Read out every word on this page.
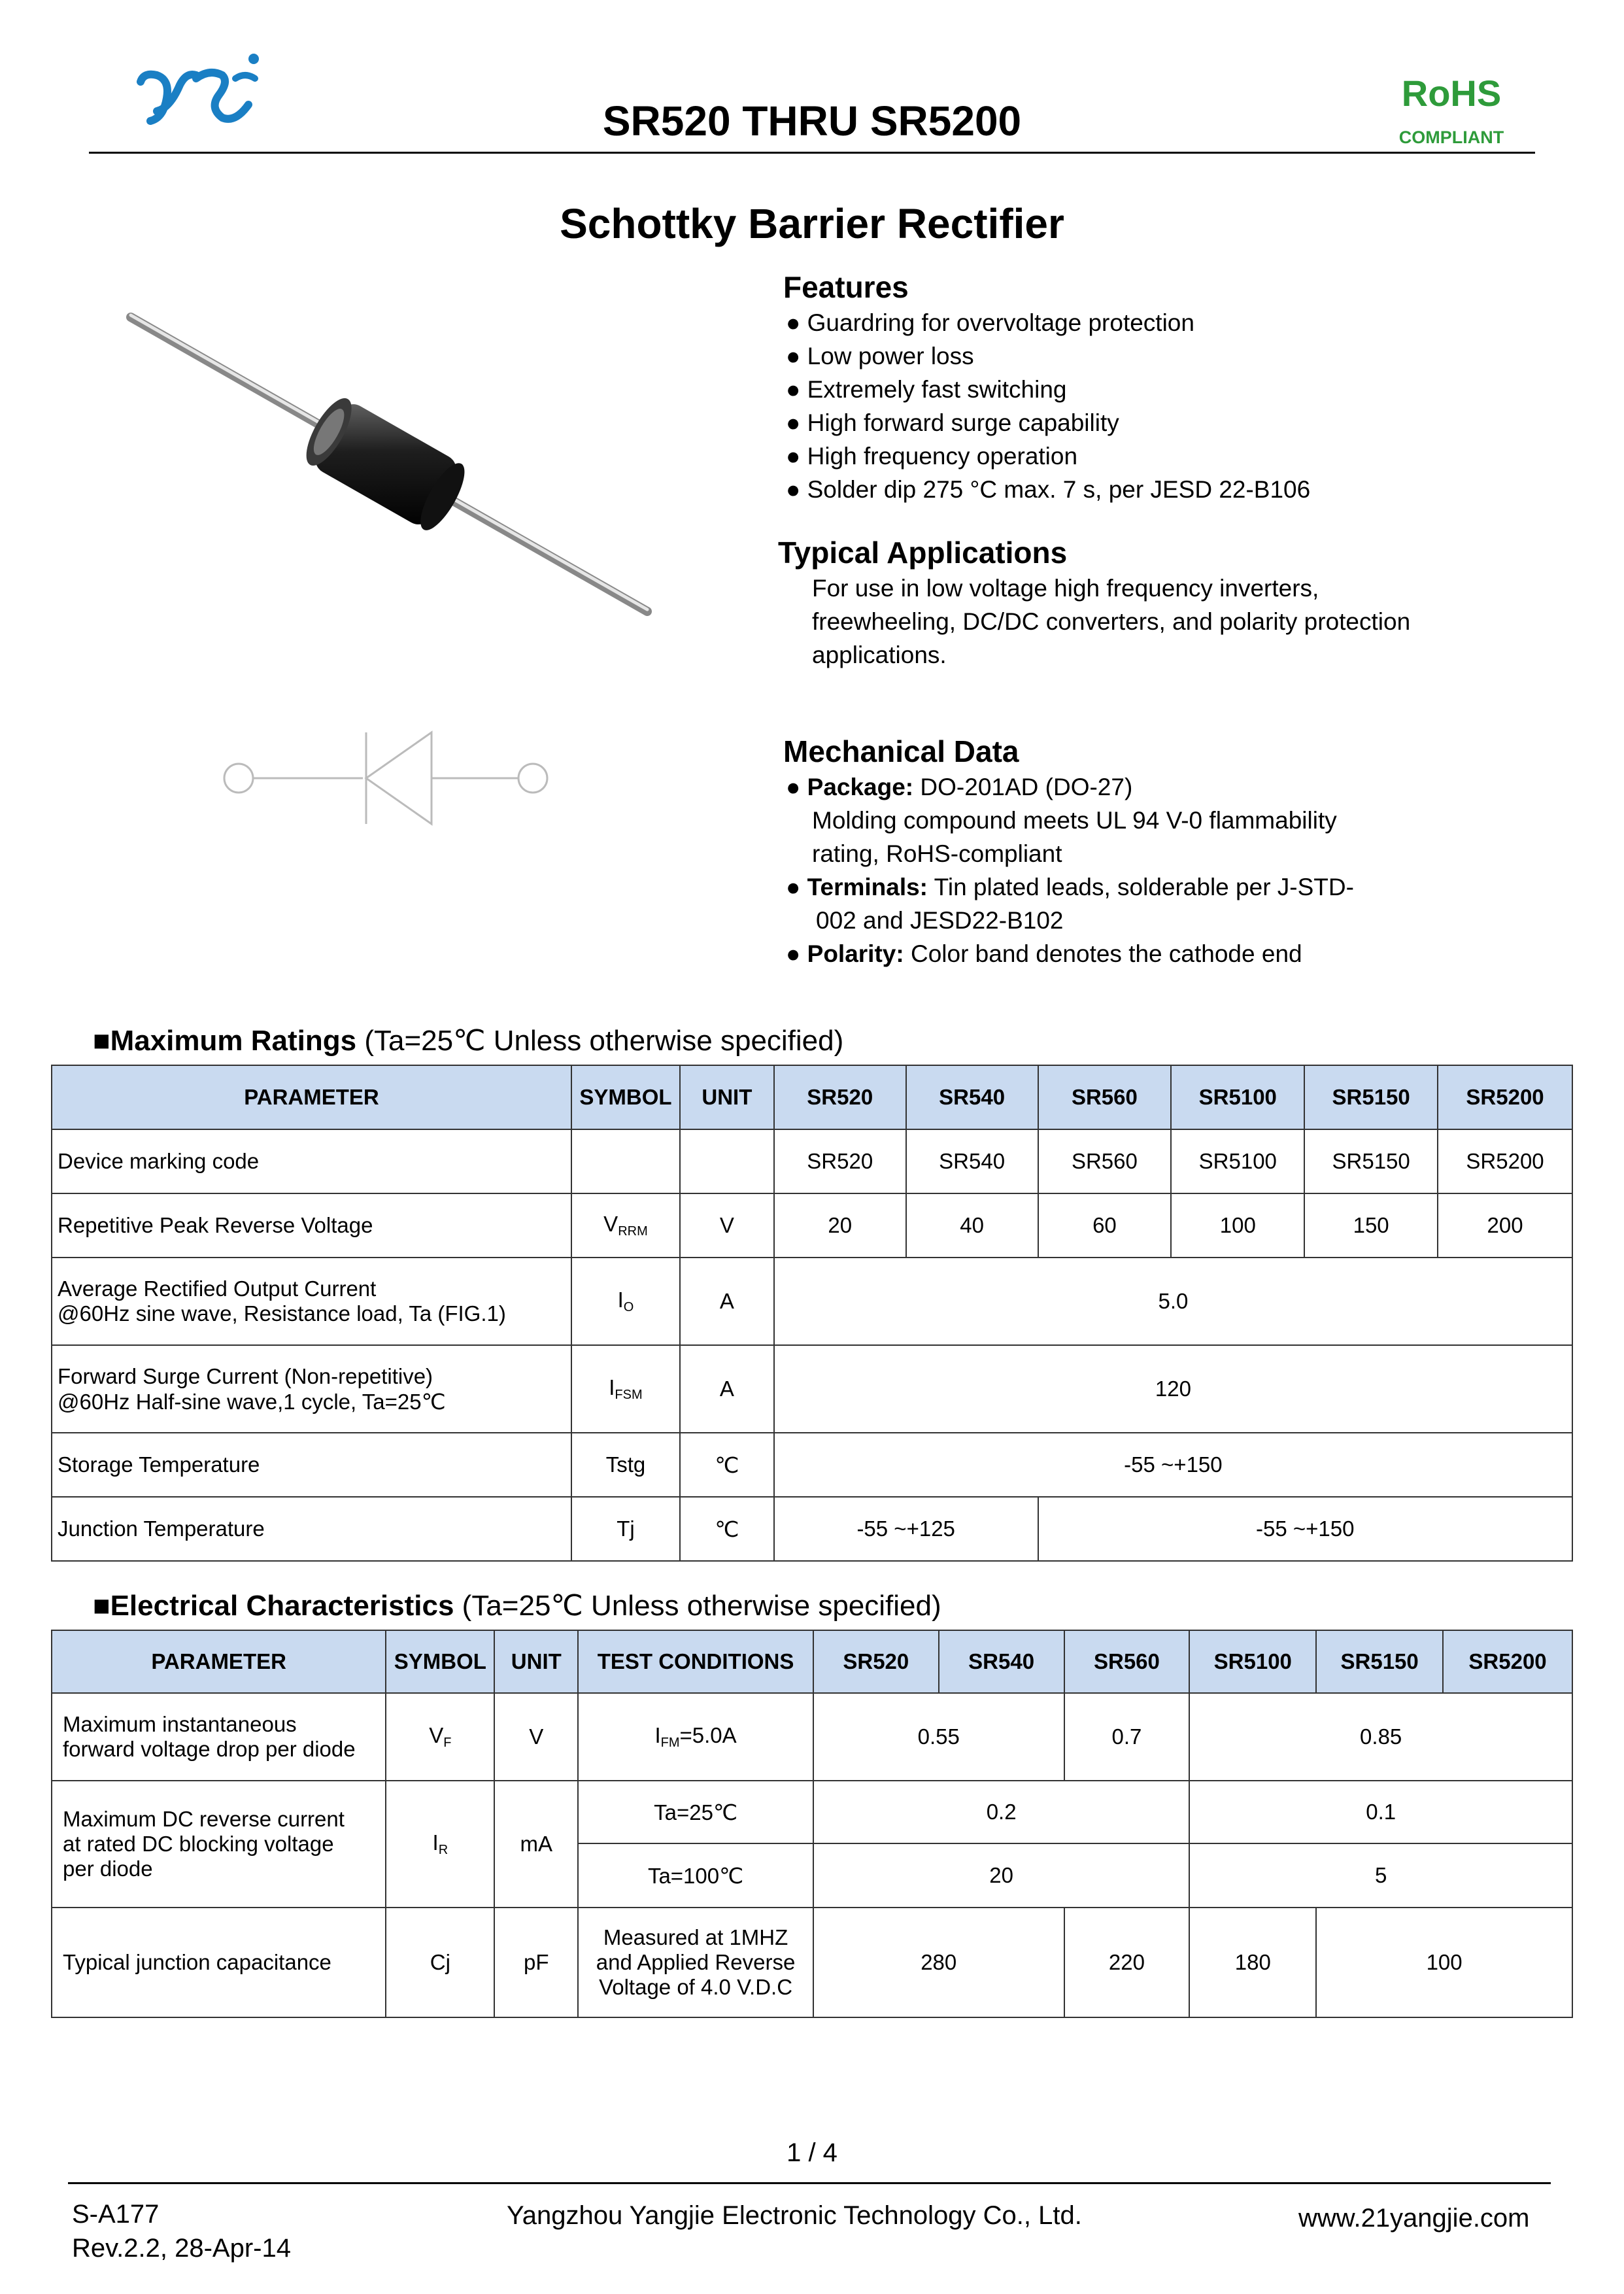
SR520 THRU SR5200
RoHS
COMPLIANT
Schottky Barrier Rectifier
Features
● Guardring for overvoltage protection
● Low power loss
● Extremely fast switching
● High forward surge capability
● High frequency operation
● Solder dip 275 °C max. 7 s, per JESD 22-B106
Typical Applications
For use in low voltage high frequency inverters,
freewheeling, DC/DC converters, and polarity protection
applications.
Mechanical Data
● Package: DO-201AD (DO-27)
Molding compound meets UL 94 V-0 flammability
rating, RoHS-compliant
● Terminals: Tin plated leads, solderable per J-STD-
002 and JESD22-B102
● Polarity: Color band denotes the cathode end
■Maximum Ratings (Ta=25℃ Unless otherwise specified)
PARAMETER	SYMBOL	UNIT	SR520	SR540	SR560	SR5100	SR5150	SR5200
Device marking code			SR520	SR540	SR560	SR5100	SR5150	SR5200
Repetitive Peak Reverse Voltage	$V_{RRM}$	V	20	40	60	100	150	200

Average Rectified Output Current
@60Hz sine wave, Resistance load, Ta (FIG.1)	$I_O$	A	5.0					

Forward Surge Current (Non-repetitive)
@60Hz Half-sine wave,1 cycle, Ta=25℃	$I_{FSM}$	A	120					
Storage Temperature	Tstg	℃	-55 ~+150					
Junction Temperature	Tj	℃	-55 ~+125		-55 ~+150			
■Electrical Characteristics (Ta=25℃ Unless otherwise specified)
PARAMETER	SYMBOL	UNIT	TEST CONDITIONS	SR520	SR540	SR560	SR5100	SR5150	SR5200

Maximum instantaneous
forward voltage drop per diode	$V_F$	V	$I_{FM}=5.0A$	0.55		0.7	0.85		

Maximum DC reverse current
at rated DC blocking voltage
per diode	$I_R$	mA	Ta=25℃	0.2			0.1		
			Ta=100℃	20			5		
Typical junction capacitance	Cj	pF	Measured at 1MHZ
and Applied Reverse
Voltage of 4.0 V.D.C	280		220	180	100	
1 / 4
S-A177
Rev.2.2, 28-Apr-14
Yangzhou Yangjie Electronic Technology Co., Ltd.	www.21yangjie.com
